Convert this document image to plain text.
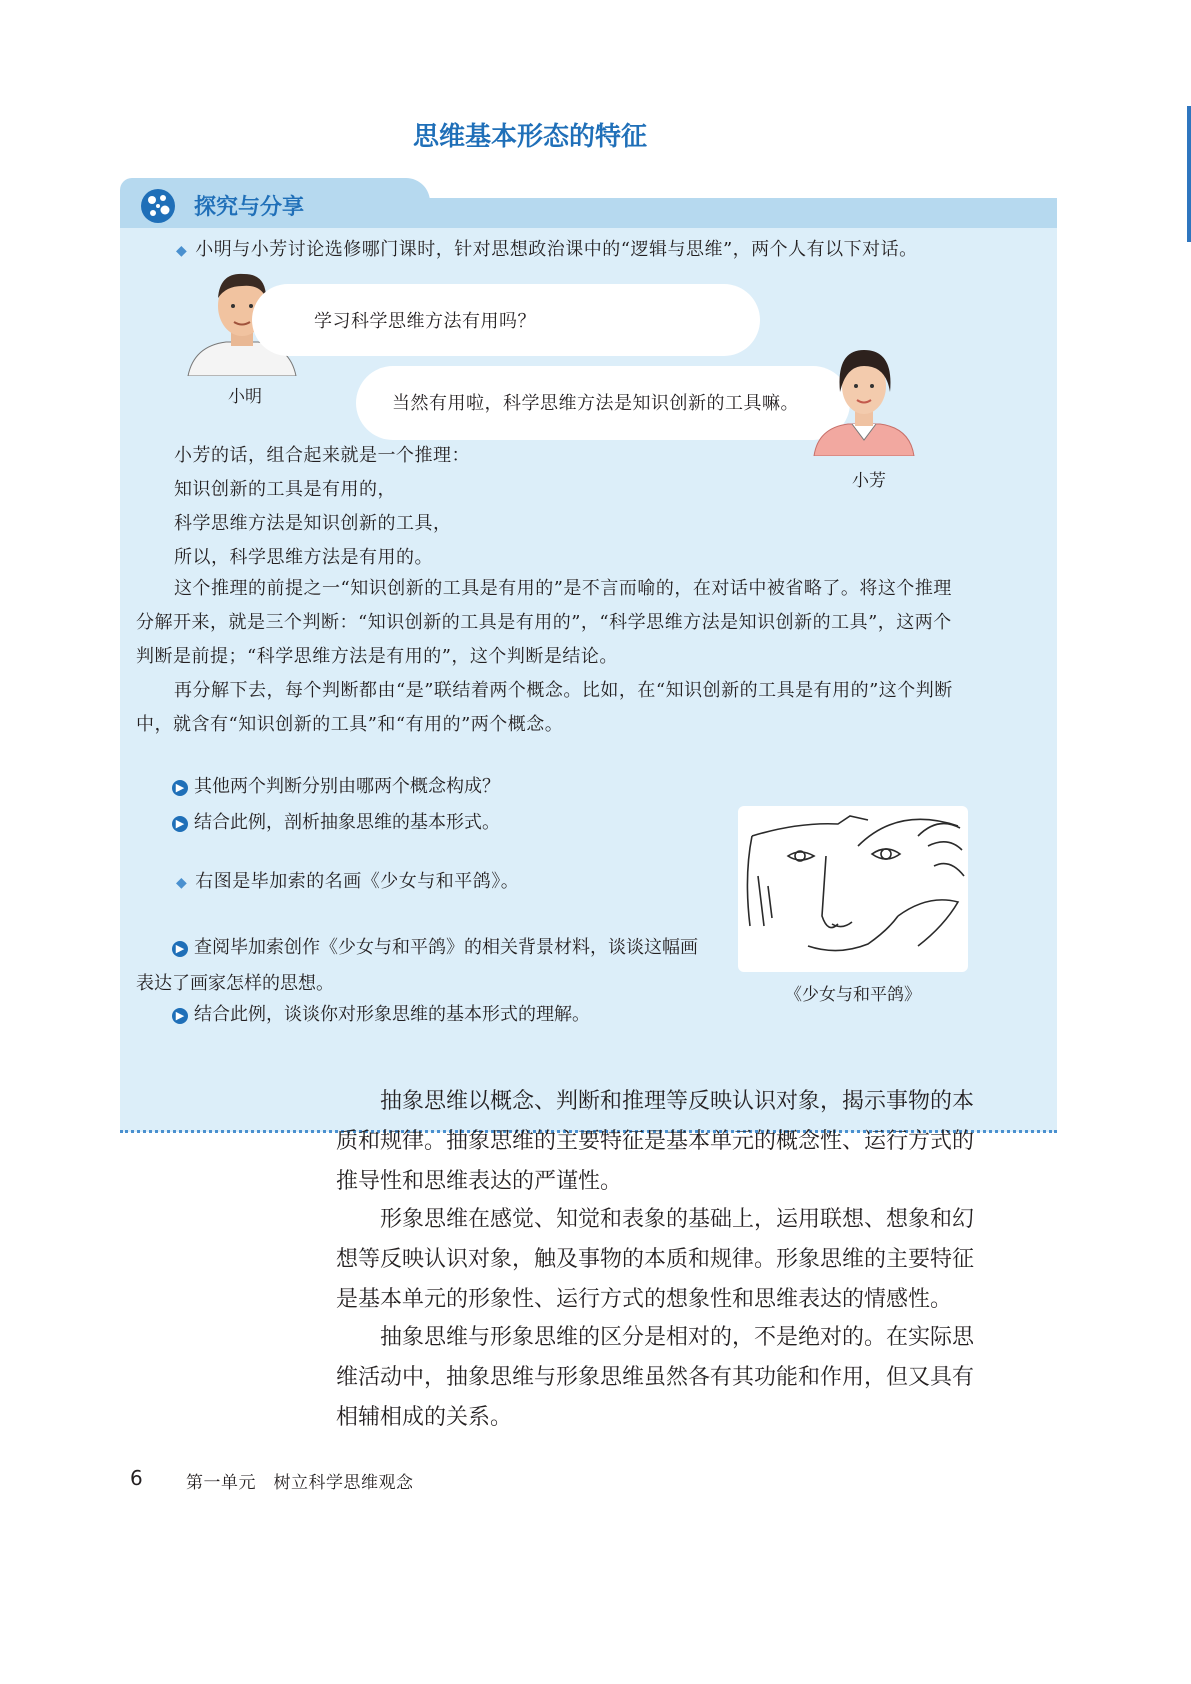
思维基本形态的特征
探究与分享
◆ 小明与小芳讨论选修哪门课时，针对思想政治课中的“逻辑与思维”，两个人有以下对话。
小明
学习科学思维方法有用吗？
当然有用啦，科学思维方法是知识创新的工具嘛。
小芳
小芳的话，组合起来就是一个推理：
知识创新的工具是有用的，
科学思维方法是知识创新的工具，
所以，科学思维方法是有用的。
这个推理的前提之一“知识创新的工具是有用的”是不言而喻的，在对话中被省略了。将这个推理分解开来，就是三个判断：“知识创新的工具是有用的”，“科学思维方法是知识创新的工具”，这两个判断是前提；“科学思维方法是有用的”，这个判断是结论。
再分解下去，每个判断都由“是”联结着两个概念。比如，在“知识创新的工具是有用的”这个判断中，就含有“知识创新的工具”和“有用的”两个概念。
▶ 其他两个判断分别由哪两个概念构成？
▶ 结合此例，剖析抽象思维的基本形式。
◆ 右图是毕加索的名画《少女与和平鸽》。
▶ 查阅毕加索创作《少女与和平鸽》的相关背景材料，谈谈这幅画表达了画家怎样的思想。
▶ 结合此例，谈谈你对形象思维的基本形式的理解。
《少女与和平鸽》
抽象思维以概念、判断和推理等反映认识对象，揭示事物的本质和规律。抽象思维的主要特征是基本单元的概念性、运行方式的推导性和思维表达的严谨性。
形象思维在感觉、知觉和表象的基础上，运用联想、想象和幻想等反映认识对象，触及事物的本质和规律。形象思维的主要特征是基本单元的形象性、运行方式的想象性和思维表达的情感性。
抽象思维与形象思维的区分是相对的，不是绝对的。在实际思维活动中，抽象思维与形象思维虽然各有其功能和作用，但又具有相辅相成的关系。
6	第一单元　树立科学思维观念
